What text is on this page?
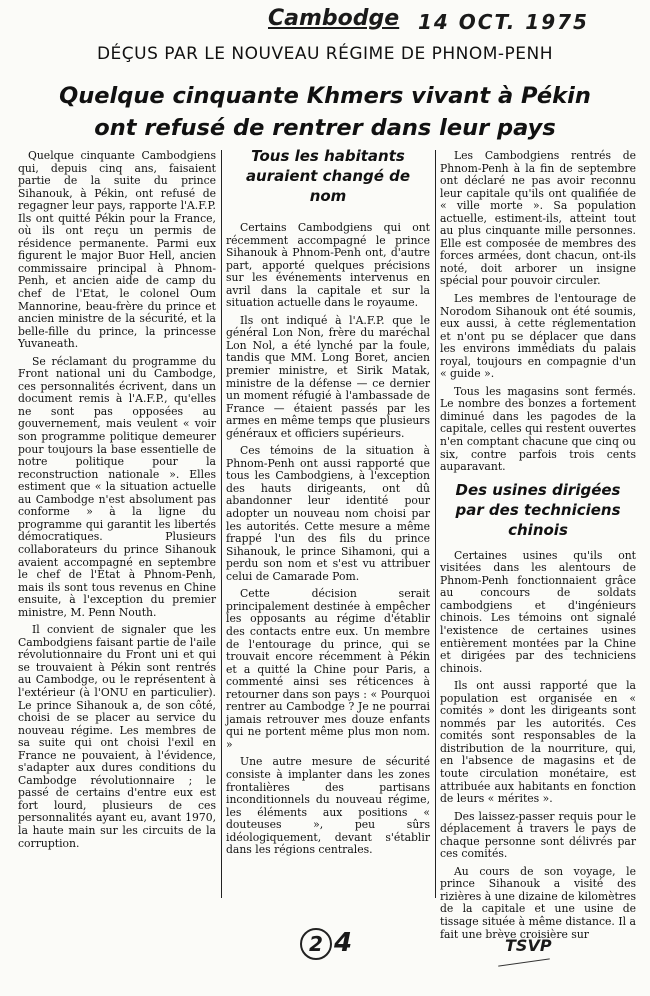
Cambodge 14 OCT. 1975
DÉÇUS PAR LE NOUVEAU RÉGIME DE PHNOM-PENH
Quelque cinquante Khmers vivant à Pékin
ont refusé de rentrer dans leur pays

Quelque cinquante Cambodgiens qui, depuis cinq ans, faisaient partie de la suite du prince Sihanouk, à Pékin, ont refusé de regagner leur pays, rapporte l'A.F.P. Ils ont quitté Pékin pour la France, où ils ont reçu un permis de résidence permanente. Parmi eux figurent le major Buor Hell, ancien commissaire principal à Phnom-Penh, et ancien aide de camp du chef de l'Etat, le colonel Oum Mannorine, beau-frère du prince et ancien ministre de la sécurité, et la belle-fille du prince, la princesse Yuvaneath.

Se réclamant du programme du Front national uni du Cambodge, ces personnalités écrivent, dans un document remis à l'A.F.P., qu'elles ne sont pas opposées au gouvernement, mais veulent « voir son programme politique demeurer pour toujours la base essentielle de notre politique pour la reconstruction nationale ». Elles estiment que « la situation actuelle au Cambodge n'est absolument pas conforme » à la ligne du programme qui garantit les libertés démocratiques. Plusieurs collaborateurs du prince Sihanouk avaient accompagné en septembre le chef de l'Etat à Phnom-Penh, mais ils sont tous revenus en Chine ensuite, à l'exception du premier ministre, M. Penn Nouth.

Il convient de signaler que les Cambodgiens faisant partie de l'aile révolutionnaire du Front uni et qui se trouvaient à Pékin sont rentrés au Cambodge, ou le représentent à l'extérieur (à l'ONU en particulier). Le prince Sihanouk a, de son côté, choisi de se placer au service du nouveau régime. Les membres de sa suite qui ont choisi l'exil en France ne pouvaient, à l'évidence, s'adapter aux dures conditions du Cambodge révolutionnaire ; le passé de certains d'entre eux est fort lourd, plusieurs de ces personnalités ayant eu, avant 1970, la haute main sur les circuits de la corruption.

Tous les habitants auraient changé de nom

Certains Cambodgiens qui ont récemment accompagné le prince Sihanouk à Phnom-Penh ont, d'autre part, apporté quelques précisions sur les événements intervenus en avril dans la capitale et sur la situation actuelle dans le royaume.

Ils ont indiqué à l'A.F.P. que le général Lon Non, frère du maréchal Lon Nol, a été lynché par la foule, tandis que MM. Long Boret, ancien premier ministre, et Sirik Matak, ministre de la défense — ce dernier un moment réfugié à l'ambassade de France — étaient passés par les armes en même temps que plusieurs généraux et officiers supérieurs.

Ces témoins de la situation à Phnom-Penh ont aussi rapporté que tous les Cambodgiens, à l'exception des hauts dirigeants, ont dû abandonner leur identité pour adopter un nouveau nom choisi par les autorités. Cette mesure a même frappé l'un des fils du prince Sihanouk, le prince Sihamoni, qui a perdu son nom et s'est vu attribuer celui de Camarade Pom.

Cette décision serait principalement destinée à empêcher les opposants au régime d'établir des contacts entre eux. Un membre de l'entourage du prince, qui se trouvait encore récemment à Pékin et a quitté la Chine pour Paris, a commenté ainsi ses réticences à retourner dans son pays : « Pourquoi rentrer au Cambodge ? Je ne pourrai jamais retrouver mes douze enfants qui ne portent même plus mon nom. »

Une autre mesure de sécurité consiste à implanter dans les zones frontalières des partisans inconditionnels du nouveau régime, les éléments aux positions « douteuses », peu sûrs idéologiquement, devant s'établir dans les régions centrales.

Les Cambodgiens rentrés de Phnom-Penh à la fin de septembre ont déclaré ne pas avoir reconnu leur capitale qu'ils ont qualifiée de « ville morte ». Sa population actuelle, estiment-ils, atteint tout au plus cinquante mille personnes. Elle est composée de membres des forces armées, dont chacun, ont-ils noté, doit arborer un insigne spécial pour pouvoir circuler.

Les membres de l'entourage de Norodom Sihanouk ont été soumis, eux aussi, à cette réglementation et n'ont pu se déplacer que dans les environs immédiats du palais royal, toujours en compagnie d'un « guide ».

Tous les magasins sont fermés. Le nombre des bonzes a fortement diminué dans les pagodes de la capitale, celles qui restent ouvertes n'en comptant chacune que cinq ou six, contre parfois trois cents auparavant.

Des usines dirigées par des techniciens chinois

Certaines usines qu'ils ont visitées dans les alentours de Phnom-Penh fonctionnaient grâce au concours de soldats cambodgiens et d'ingénieurs chinois. Les témoins ont signalé l'existence de certaines usines entièrement montées par la Chine et dirigées par des techniciens chinois.

Ils ont aussi rapporté que la population est organisée en « comités » dont les dirigeants sont nommés par les autorités. Ces comités sont responsables de la distribution de la nourriture, qui, en l'absence de magasins et de toute circulation monétaire, est attribuée aux habitants en fonction de leurs « mérites ».

Des laissez-passer requis pour le déplacement à travers le pays de chaque personne sont délivrés par ces comités.

Au cours de son voyage, le prince Sihanouk a visité des rizières à une dizaine de kilomètres de la capitale et une usine de tissage située à même distance. Il a fait une brève croisière sur

2 4	TSVP
